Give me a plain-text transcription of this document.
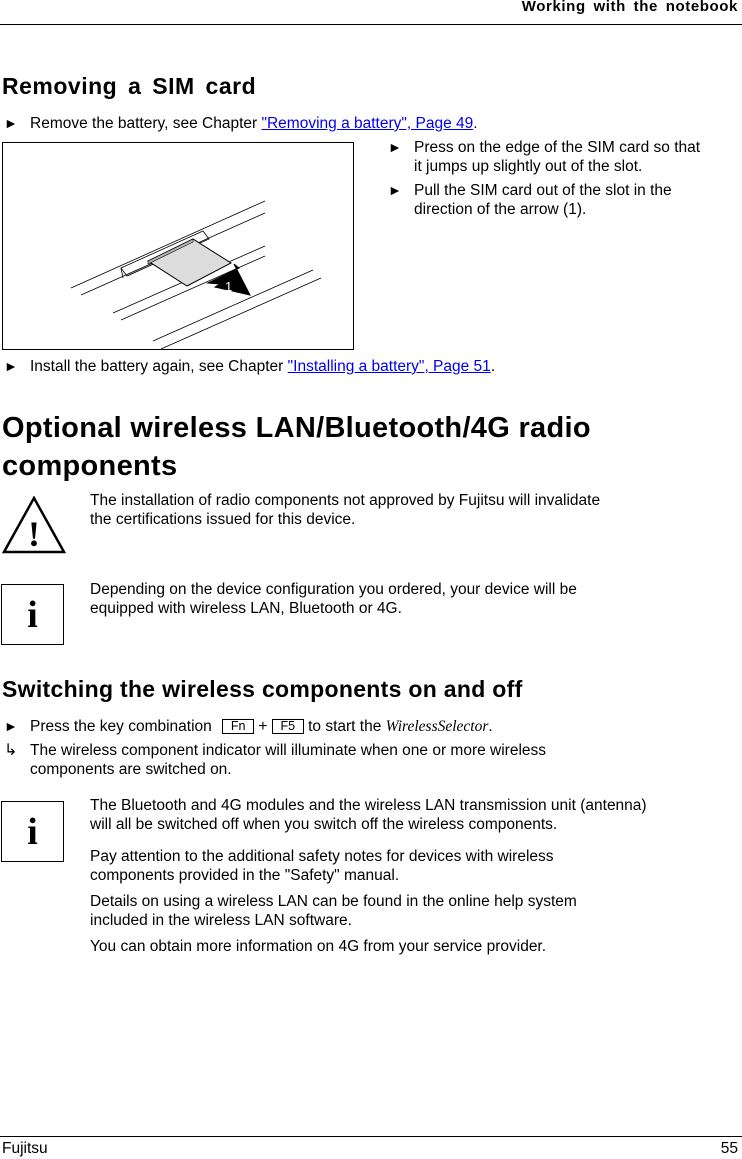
Working with the notebook
Removing a SIM card
► Remove the battery, see Chapter "Removing a battery", Page 49.
1
► Press on the edge of the SIM card so that
it jumps up slightly out of the slot.
► Pull the SIM card out of the slot in the
direction of the arrow (1).
► Install the battery again, see Chapter "Installing a battery", Page 51.
Optional wireless LAN/Bluetooth/4G radio
components
!
The installation of radio components not approved by Fujitsu will invalidate
the certifications issued for this device.
i
Depending on the device configuration you ordered, your device will be
equipped with wireless LAN, Bluetooth or 4G.
Switching the wireless components on and off
► Press the key combination Fn + F5 to start the WirelessSelector.
↳ The wireless component indicator will illuminate when one or more wireless
components are switched on.
i
The Bluetooth and 4G modules and the wireless LAN transmission unit (antenna)
will all be switched off when you switch off the wireless components.
Pay attention to the additional safety notes for devices with wireless
components provided in the "Safety" manual.
Details on using a wireless LAN can be found in the online help system
included in the wireless LAN software.
You can obtain more information on 4G from your service provider.
Fujitsu	55
